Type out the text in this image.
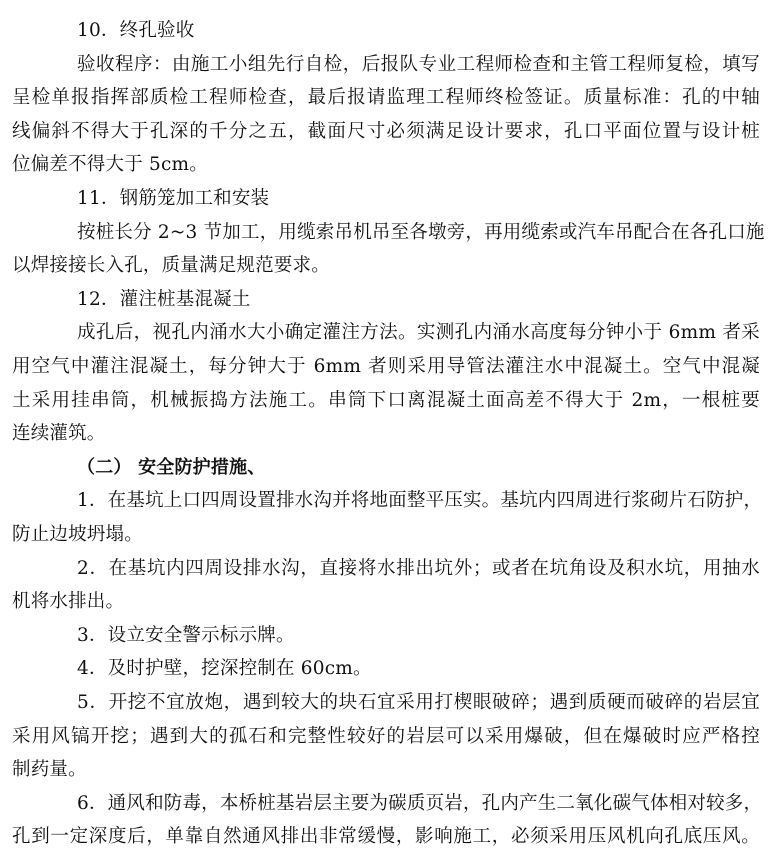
10．终孔验收
验收程序：由施工小组先行自检，后报队专业工程师检查和主管工程师复检，填写
呈检单报指挥部质检工程师检查，最后报请监理工程师终检签证。质量标准：孔的中轴
线偏斜不得大于孔深的千分之五，截面尺寸必须满足设计要求，孔口平面位置与设计桩
位偏差不得大于 5cm。
11．钢筋笼加工和安装
按桩长分 2~3 节加工，用缆索吊机吊至各墩旁，再用缆索或汽车吊配合在各孔口施
以焊接接长入孔，质量满足规范要求。
12．灌注桩基混凝土
成孔后，视孔内涌水大小确定灌注方法。实测孔内涌水高度每分钟小于 6mm 者采
用空气中灌注混凝土，每分钟大于 6mm 者则采用导管法灌注水中混凝土。空气中混凝
土采用挂串筒，机械振捣方法施工。串筒下口离混凝土面高差不得大于 2m，一根桩要
连续灌筑。
（二） 安全防护措施、
1．在基坑上口四周设置排水沟并将地面整平压实。基坑内四周进行浆砌片石防护，
防止边坡坍塌。
2．在基坑内四周设排水沟，直接将水排出坑外；或者在坑角设及积水坑，用抽水
机将水排出。
3．设立安全警示标示牌。
4．及时护壁，挖深控制在 60cm。
5．开挖不宜放炮，遇到较大的块石宜采用打楔眼破碎；遇到质硬而破碎的岩层宜
采用风镐开挖；遇到大的孤石和完整性较好的岩层可以采用爆破，但在爆破时应严格控
制药量。
6．通风和防毒，本桥桩基岩层主要为碳质页岩，孔内产生二氧化碳气体相对较多，
孔到一定深度后，单靠自然通风排出非常缓慢，影响施工，必须采用压风机向孔底压风。
